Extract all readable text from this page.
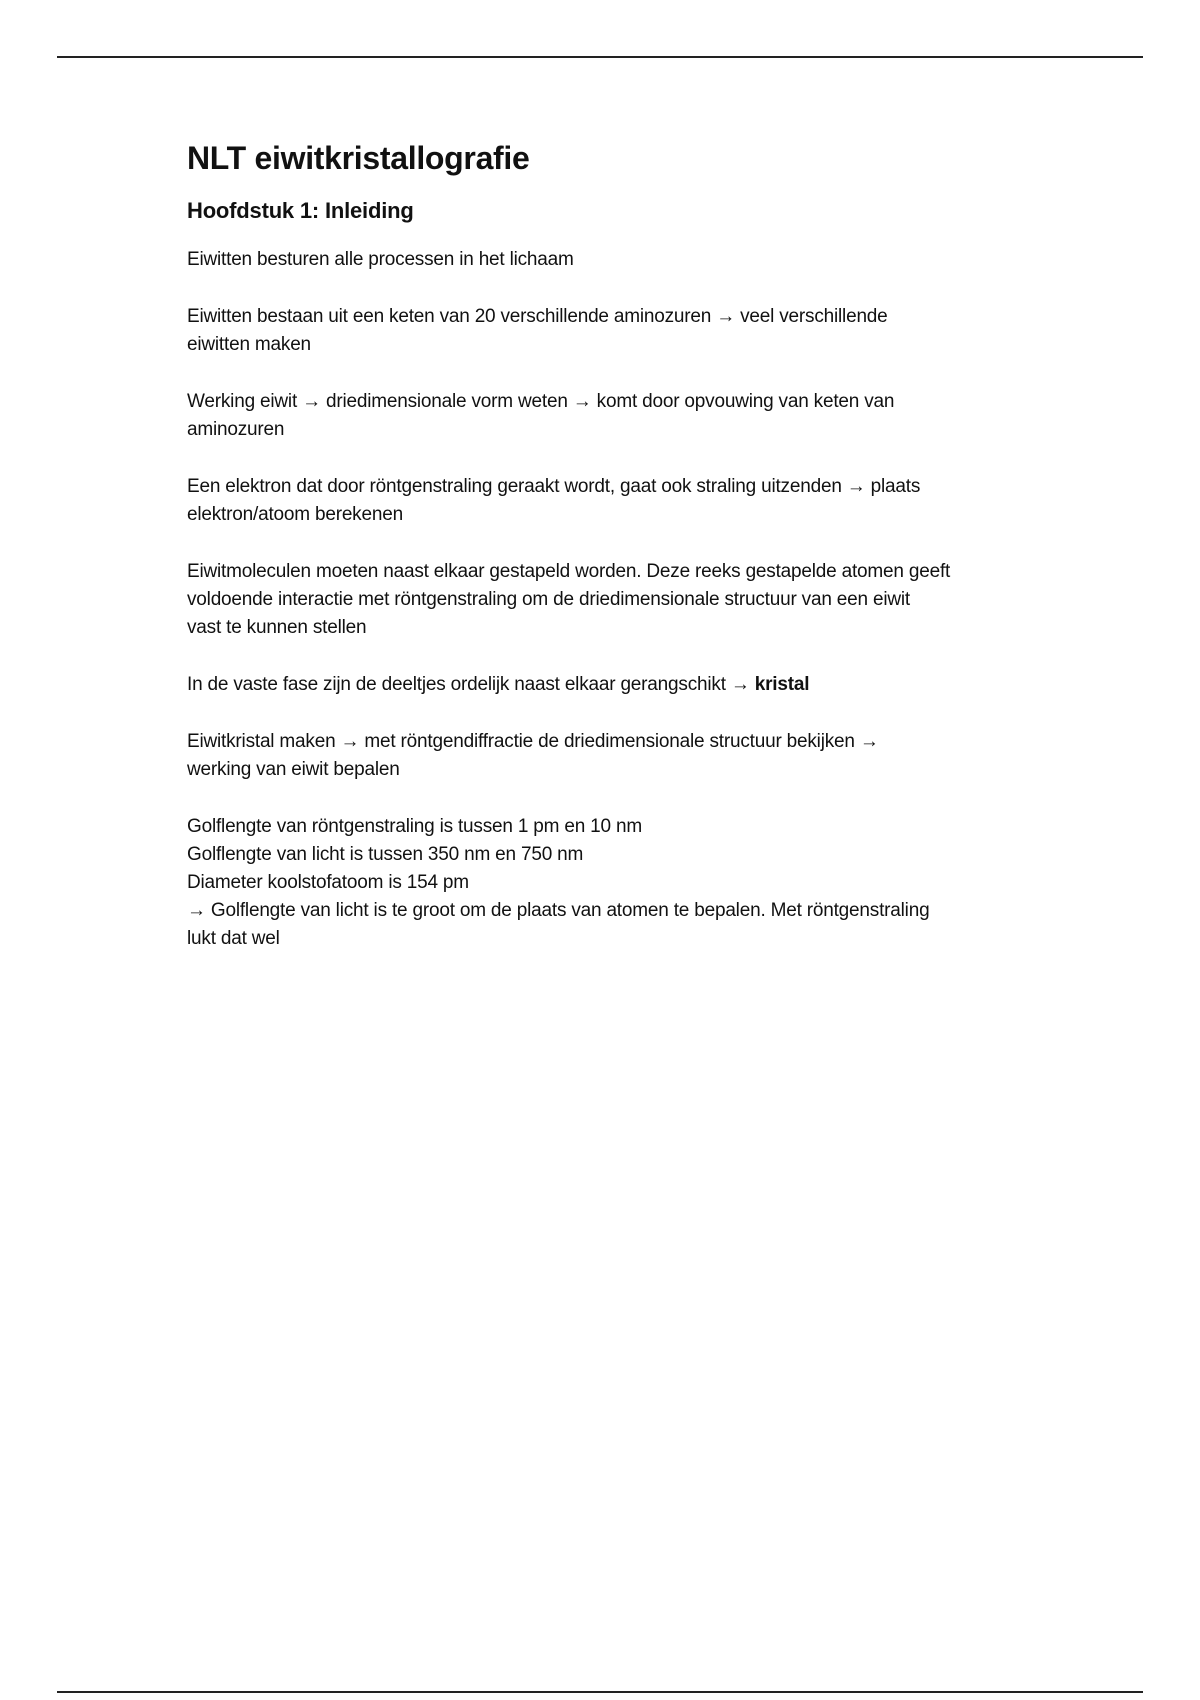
NLT eiwitkristallografie
Hoofdstuk 1: Inleiding

Eiwitten besturen alle processen in het lichaam

Eiwitten bestaan uit een keten van 20 verschillende aminozuren → veel verschillende
eiwitten maken

Werking eiwit → driedimensionale vorm weten → komt door opvouwing van keten van
aminozuren

Een elektron dat door röntgenstraling geraakt wordt, gaat ook straling uitzenden → plaats
elektron/atoom berekenen

Eiwitmoleculen moeten naast elkaar gestapeld worden. Deze reeks gestapelde atomen geeft
voldoende interactie met röntgenstraling om de driedimensionale structuur van een eiwit
vast te kunnen stellen

In de vaste fase zijn de deeltjes ordelijk naast elkaar gerangschikt → kristal

Eiwitkristal maken → met röntgendiffractie de driedimensionale structuur bekijken →
werking van eiwit bepalen

Golflengte van röntgenstraling is tussen 1 pm en 10 nm
Golflengte van licht is tussen 350 nm en 750 nm
Diameter koolstofatoom is 154 pm
→ Golflengte van licht is te groot om de plaats van atomen te bepalen. Met röntgenstraling
lukt dat wel
